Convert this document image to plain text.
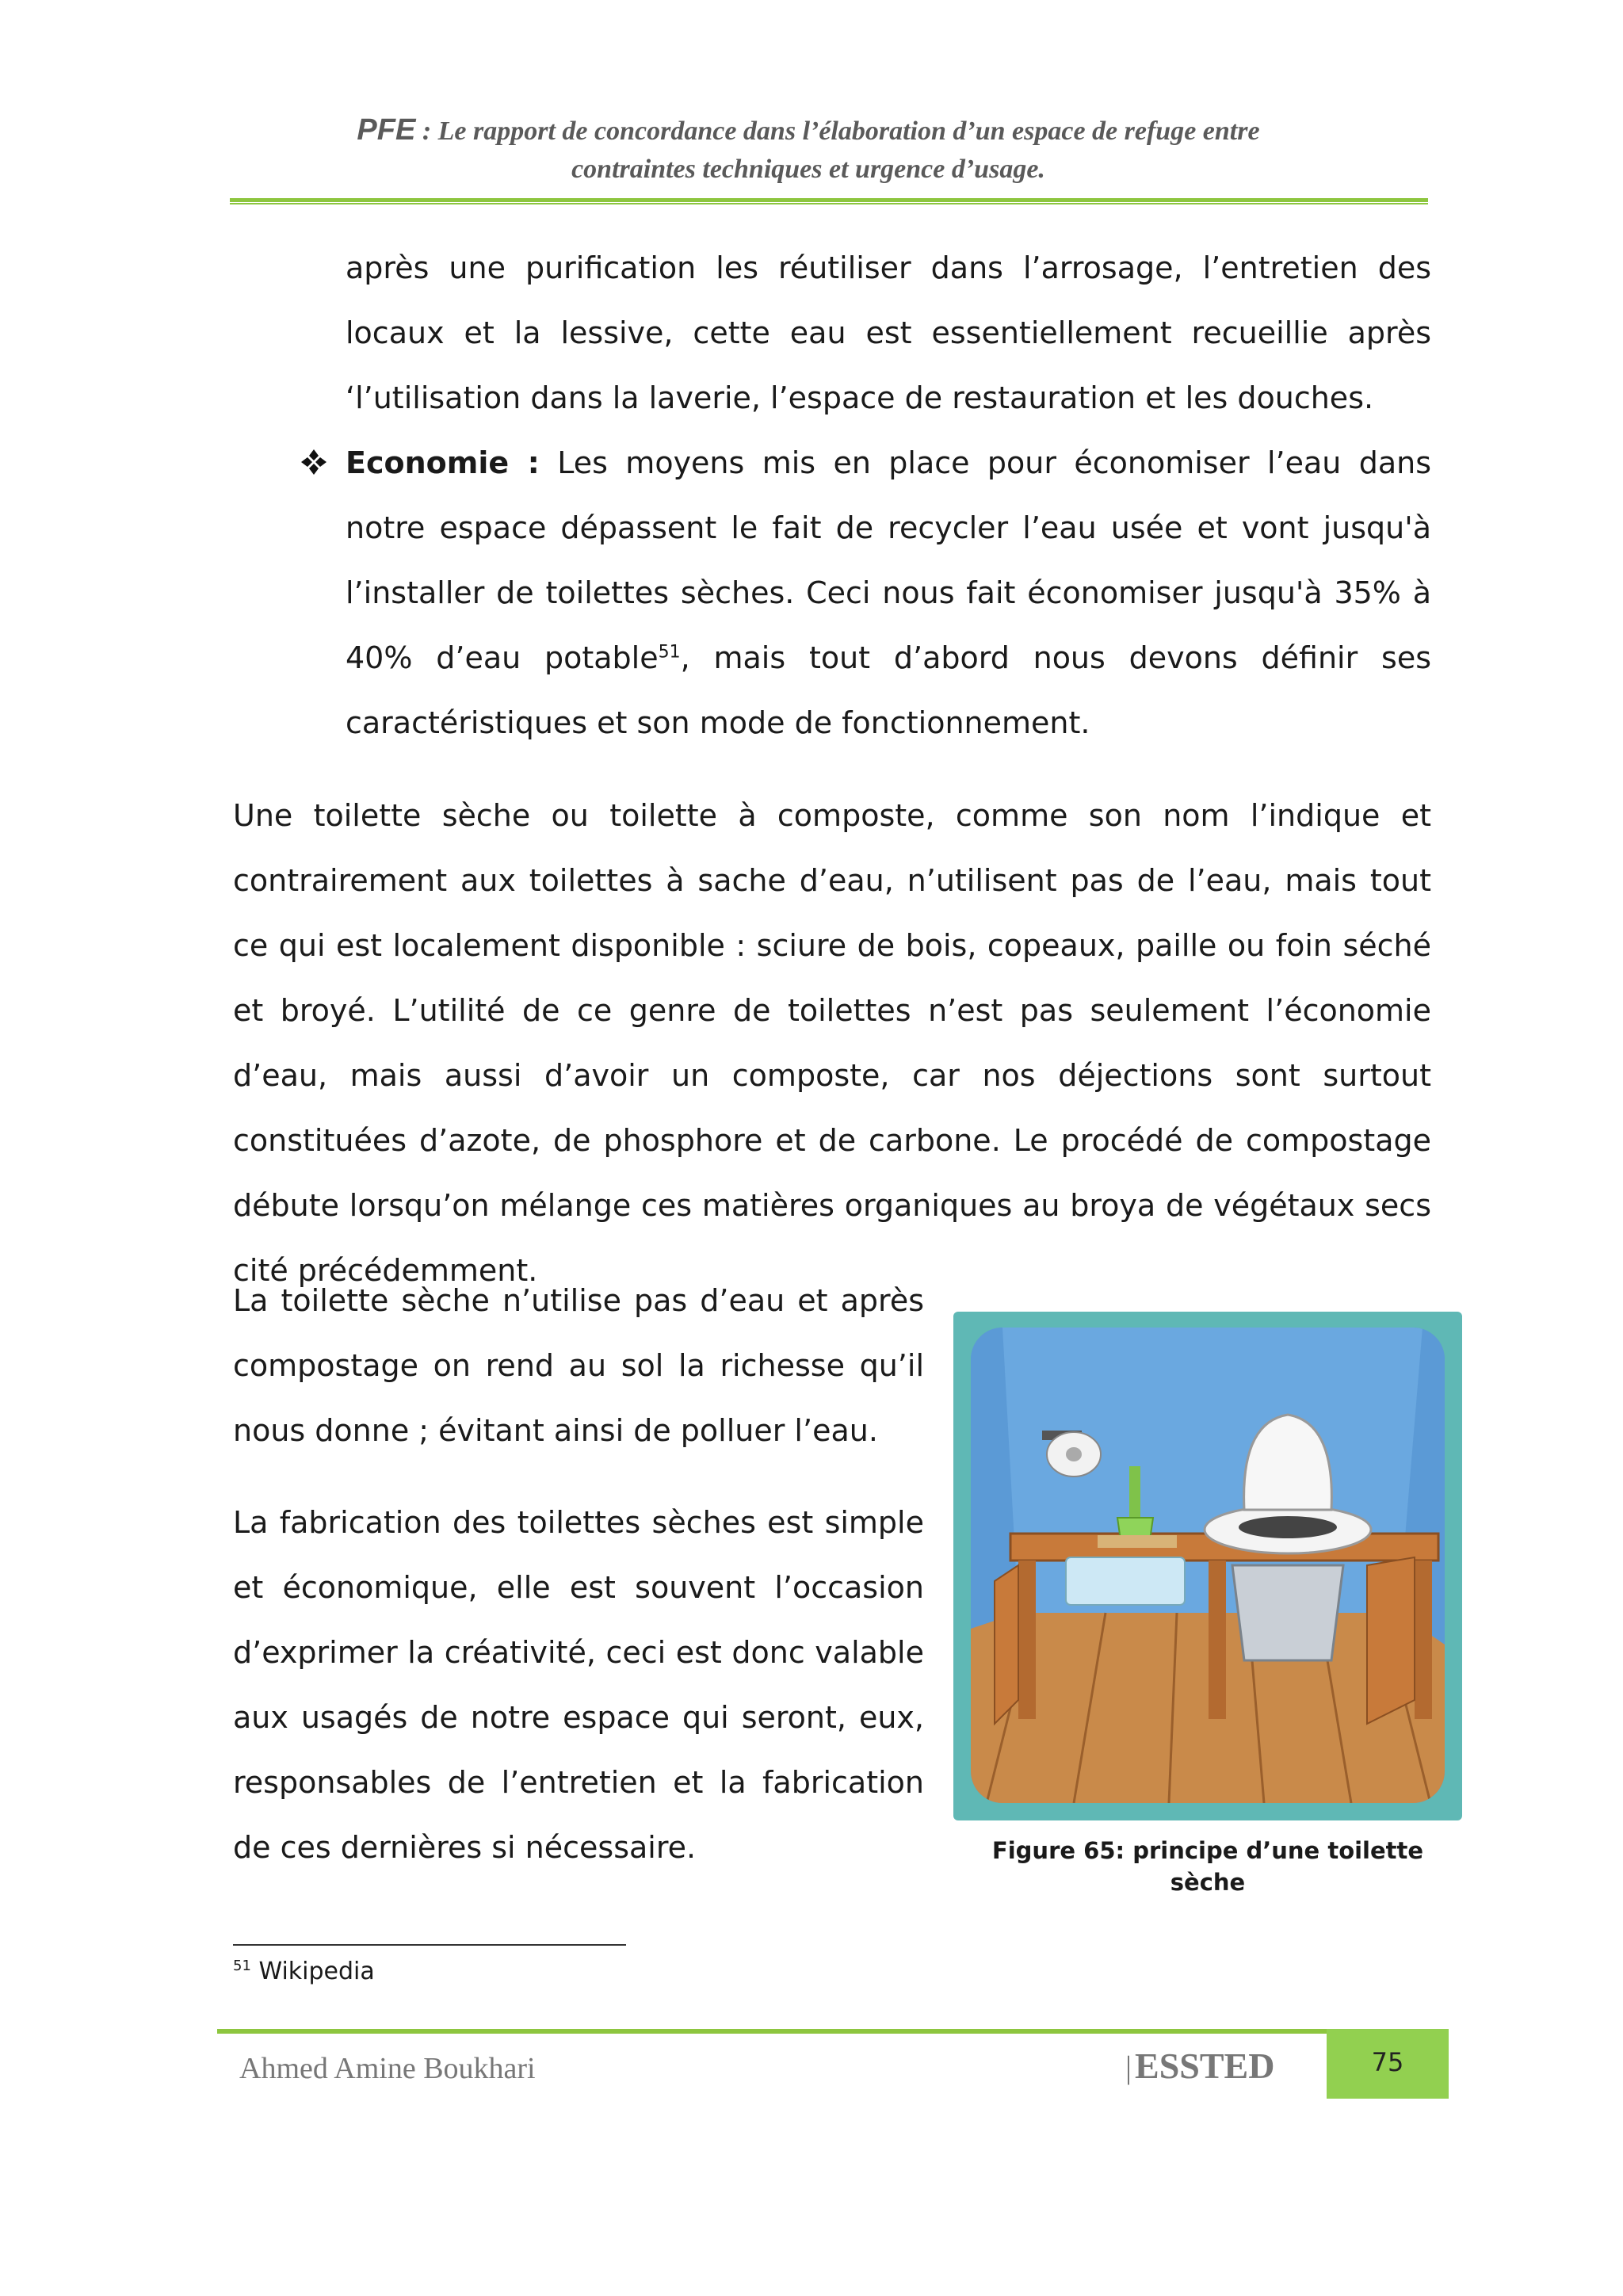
PFE : Le rapport de concordance dans l’élaboration d’un espace de refuge entre
contraintes techniques et urgence d’usage.
après une purification les réutiliser dans l’arrosage, l’entretien des locaux et la lessive, cette eau est essentiellement recueillie après ‘l’utilisation dans la laverie, l’espace de restauration et les douches.
Economie : Les moyens mis en place pour économiser l’eau dans notre espace dépassent le fait de recycler l’eau usée et vont jusqu'à l’installer de toilettes sèches. Ceci nous fait économiser jusqu'à 35% à 40% d’eau potable$^{51}$, mais tout d’abord nous devons définir ses caractéristiques et son mode de fonctionnement.
Une toilette sèche ou toilette à composte, comme son nom l’indique et contrairement aux toilettes à sache d’eau, n’utilisent pas de l’eau, mais tout ce qui est localement disponible : sciure de bois, copeaux, paille ou foin séché et broyé. L’utilité de ce genre de toilettes n’est pas seulement l’économie d’eau, mais aussi d’avoir un composte, car nos déjections sont surtout constituées d’azote, de phosphore et de carbone. Le procédé de compostage débute lorsqu’on mélange ces matières organiques au broya de végétaux secs cité précédemment.

La toilette sèche n’utilise pas d’eau et après compostage on rend au sol la richesse qu’il nous donne ; évitant ainsi de polluer l’eau.

La fabrication des toilettes sèches est simple et économique, elle est souvent l’occasion d’exprimer la créativité, ceci est donc valable aux usagés de notre espace qui seront, eux, responsables de l’entretien et la fabrication de ces dernières si nécessaire.	Figure 65: principe d’une toilette sèche
$^{51}$ Wikipedia
Ahmed Amine Boukhari	|ESSTED	75
